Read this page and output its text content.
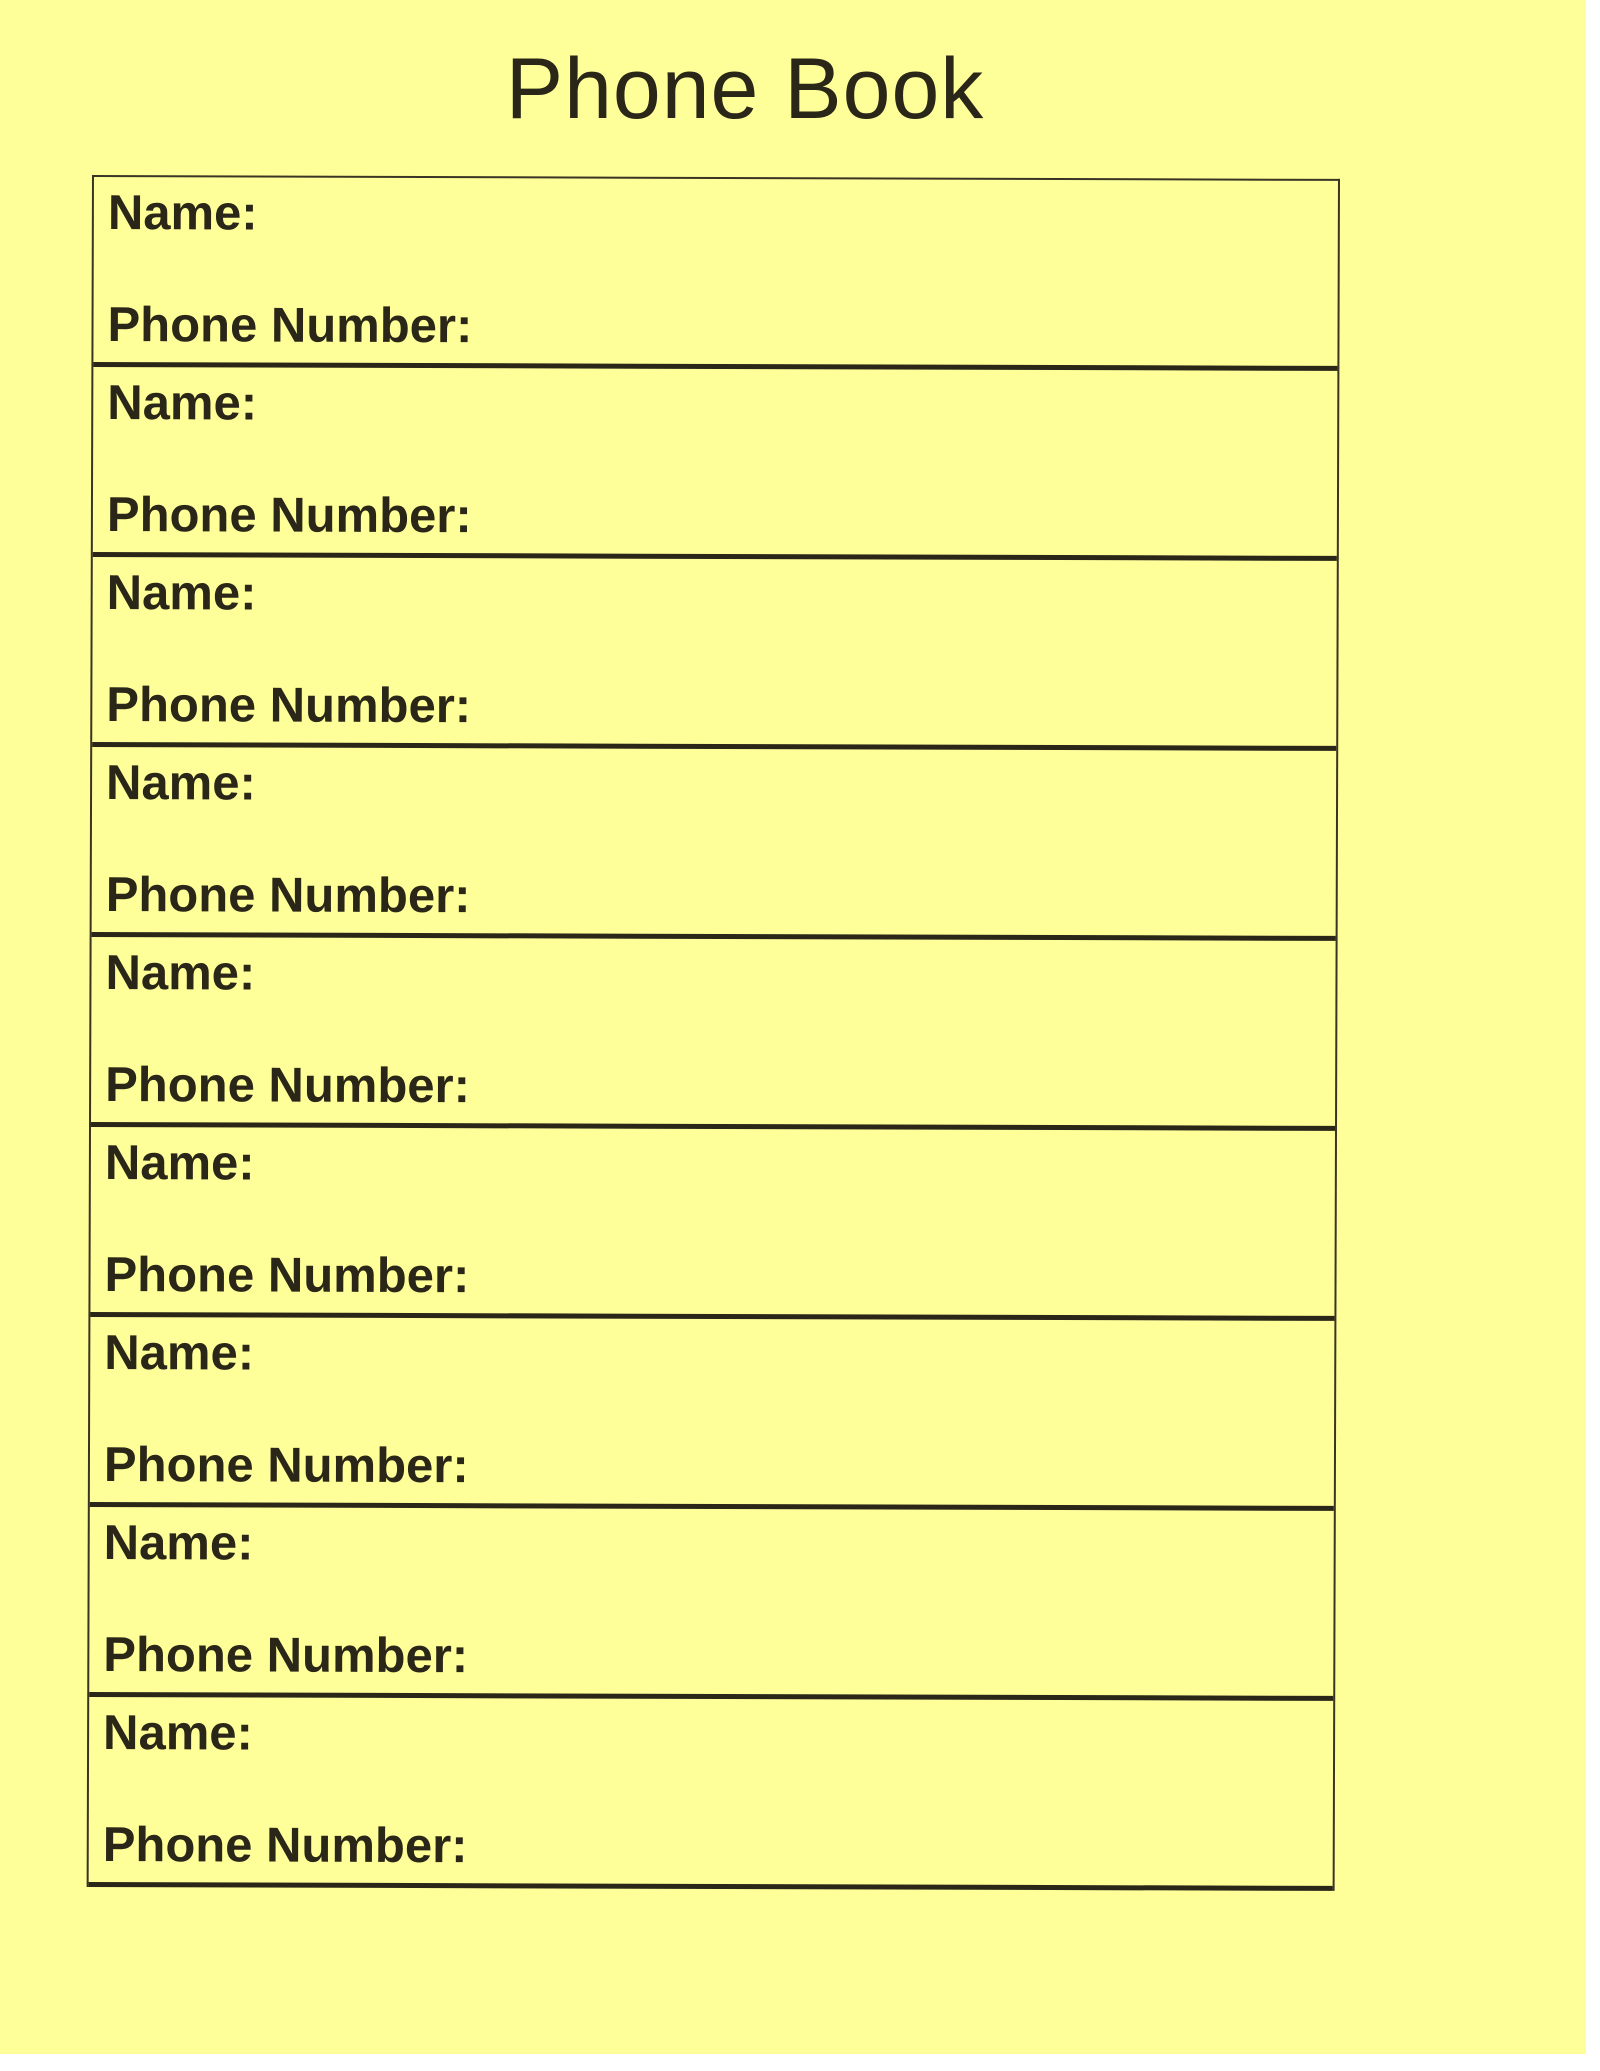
Phone Book
Name:
Phone Number:
Name:
Phone Number:
Name:
Phone Number:
Name:
Phone Number:
Name:
Phone Number:
Name:
Phone Number:
Name:
Phone Number:
Name:
Phone Number:
Name:
Phone Number:
